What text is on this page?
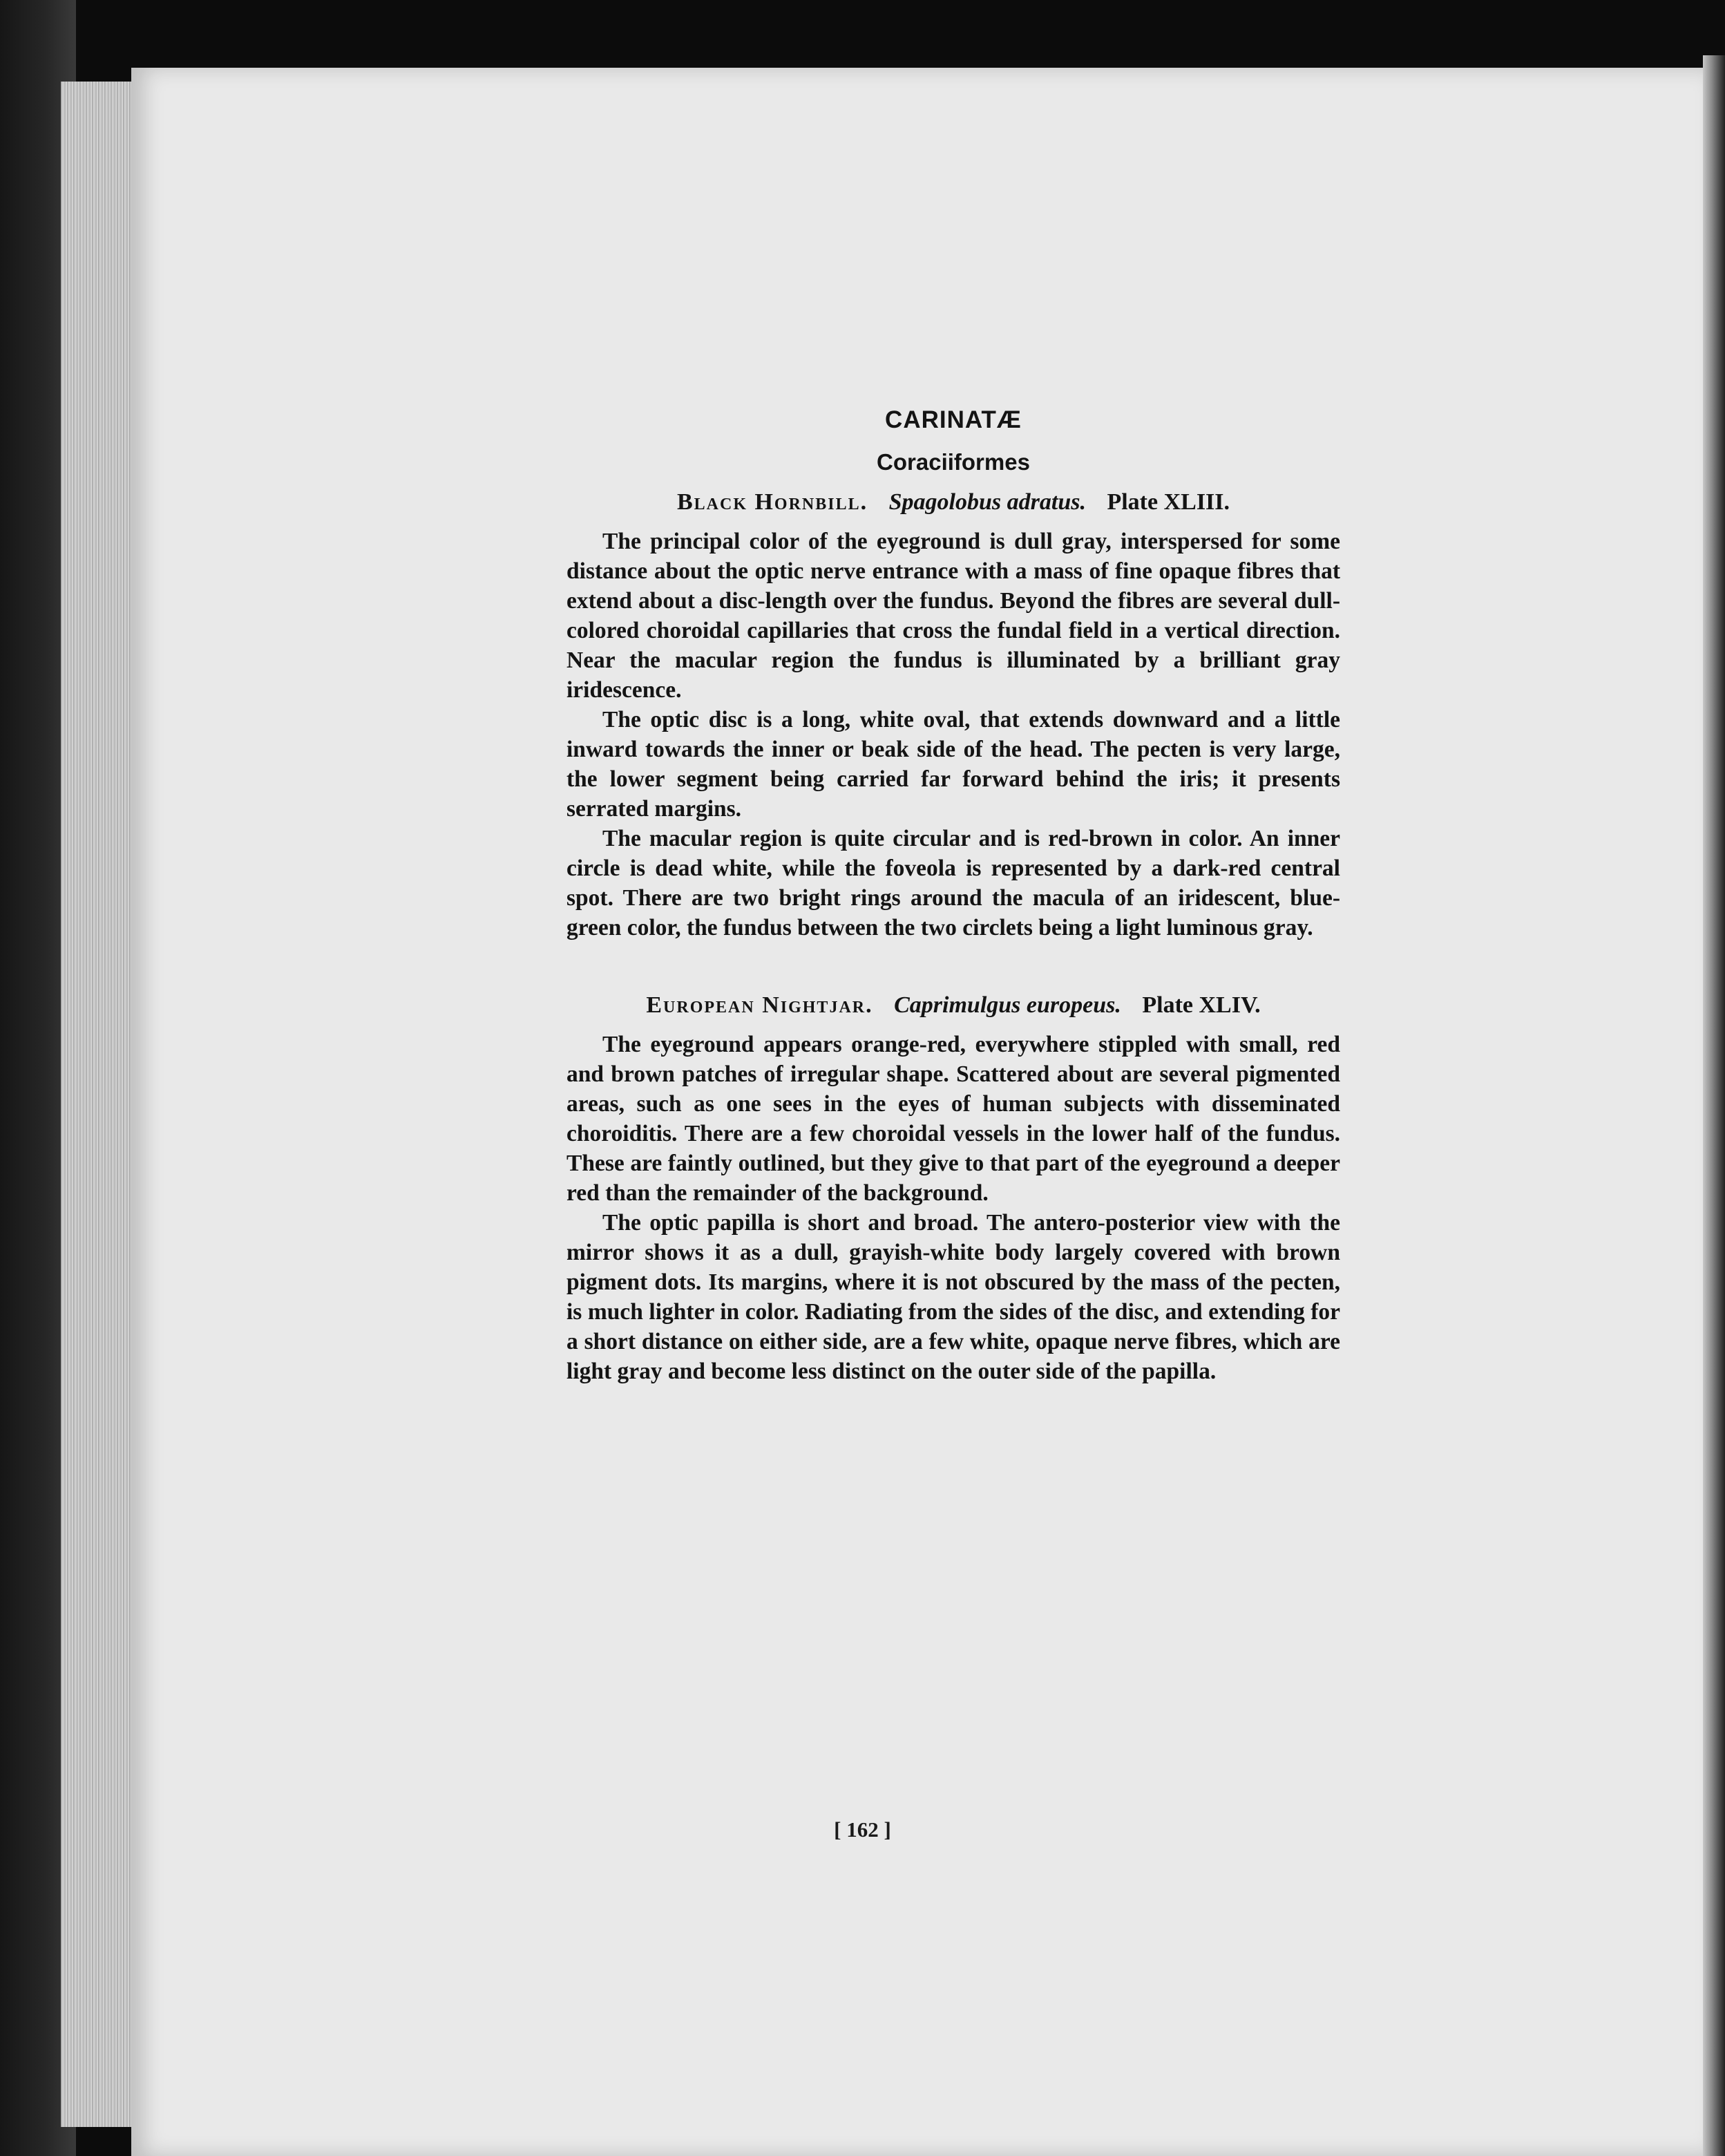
CARINATÆ
Coraciiformes
Black Hornbill. Spagolobus adratus. Plate XLIII.

The principal color of the eyeground is dull gray, interspersed for some distance about the optic nerve entrance with a mass of fine opaque fibres that extend about a disc-length over the fundus. Beyond the fibres are several dull-colored choroidal capillaries that cross the fundal field in a vertical direction. Near the macular region the fundus is illuminated by a brilliant gray iridescence.

The optic disc is a long, white oval, that extends downward and a little inward towards the inner or beak side of the head. The pecten is very large, the lower segment being carried far forward behind the iris; it presents serrated margins.

The macular region is quite circular and is red-brown in color. An inner circle is dead white, while the foveola is represented by a dark-red central spot. There are two bright rings around the macula of an iridescent, blue-green color, the fundus between the two circlets being a light luminous gray.

European Nightjar. Caprimulgus europeus. Plate XLIV.

The eyeground appears orange-red, everywhere stippled with small, red and brown patches of irregular shape. Scattered about are several pigmented areas, such as one sees in the eyes of human subjects with disseminated choroiditis. There are a few choroidal vessels in the lower half of the fundus. These are faintly outlined, but they give to that part of the eyeground a deeper red than the remainder of the background.

The optic papilla is short and broad. The antero-posterior view with the mirror shows it as a dull, grayish-white body largely covered with brown pigment dots. Its margins, where it is not obscured by the mass of the pecten, is much lighter in color. Radiating from the sides of the disc, and extending for a short distance on either side, are a few white, opaque nerve fibres, which are light gray and become less distinct on the outer side of the papilla.

[ 162 ]
